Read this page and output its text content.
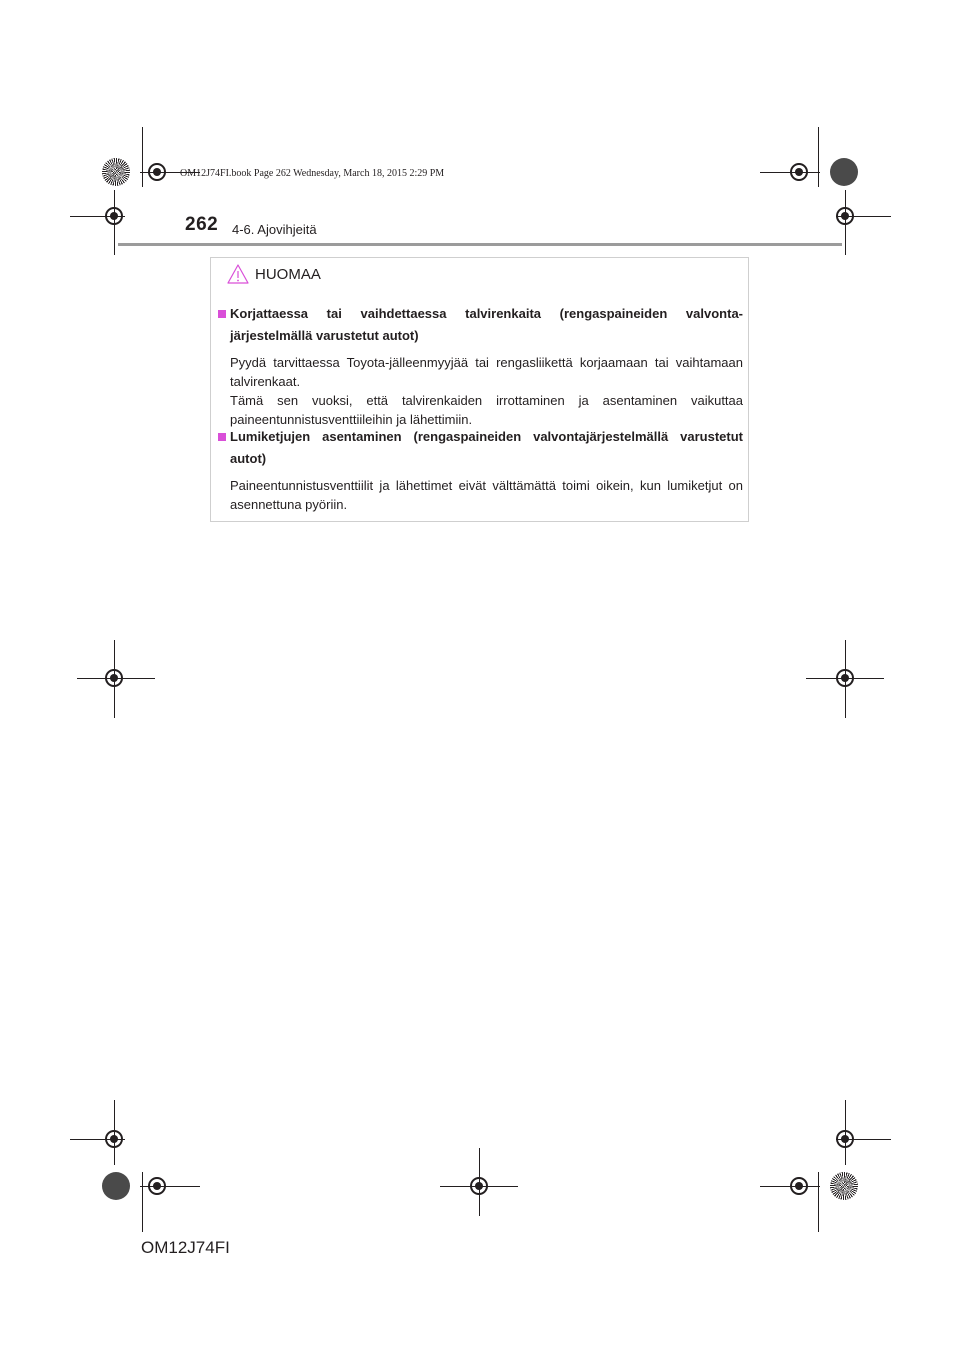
OM12J74FI.book Page 262 Wednesday, March 18, 2015 2:29 PM
262 4-6. Ajovihjeitä
HUOMAA
Korjattaessa tai vaihdettaessa talvirenkaita (rengaspaineiden valvonta-järjestelmällä varustetut autot)

Pyydä tarvittaessa Toyota-jälleenmyyjää tai rengasliikettä korjaamaan tai vaihtamaan talvirenkaat.

Tämä sen vuoksi, että talvirenkaiden irrottaminen ja asentaminen vaikuttaa paineentunnistusventtiileihin ja lähettimiin.

Lumiketjujen asentaminen (rengaspaineiden valvontajärjestelmällä varustetut autot)

Paineentunnistusventtiilit ja lähettimet eivät välttämättä toimi oikein, kun lumiketjut on asennettuna pyöriin.

OM12J74FI
